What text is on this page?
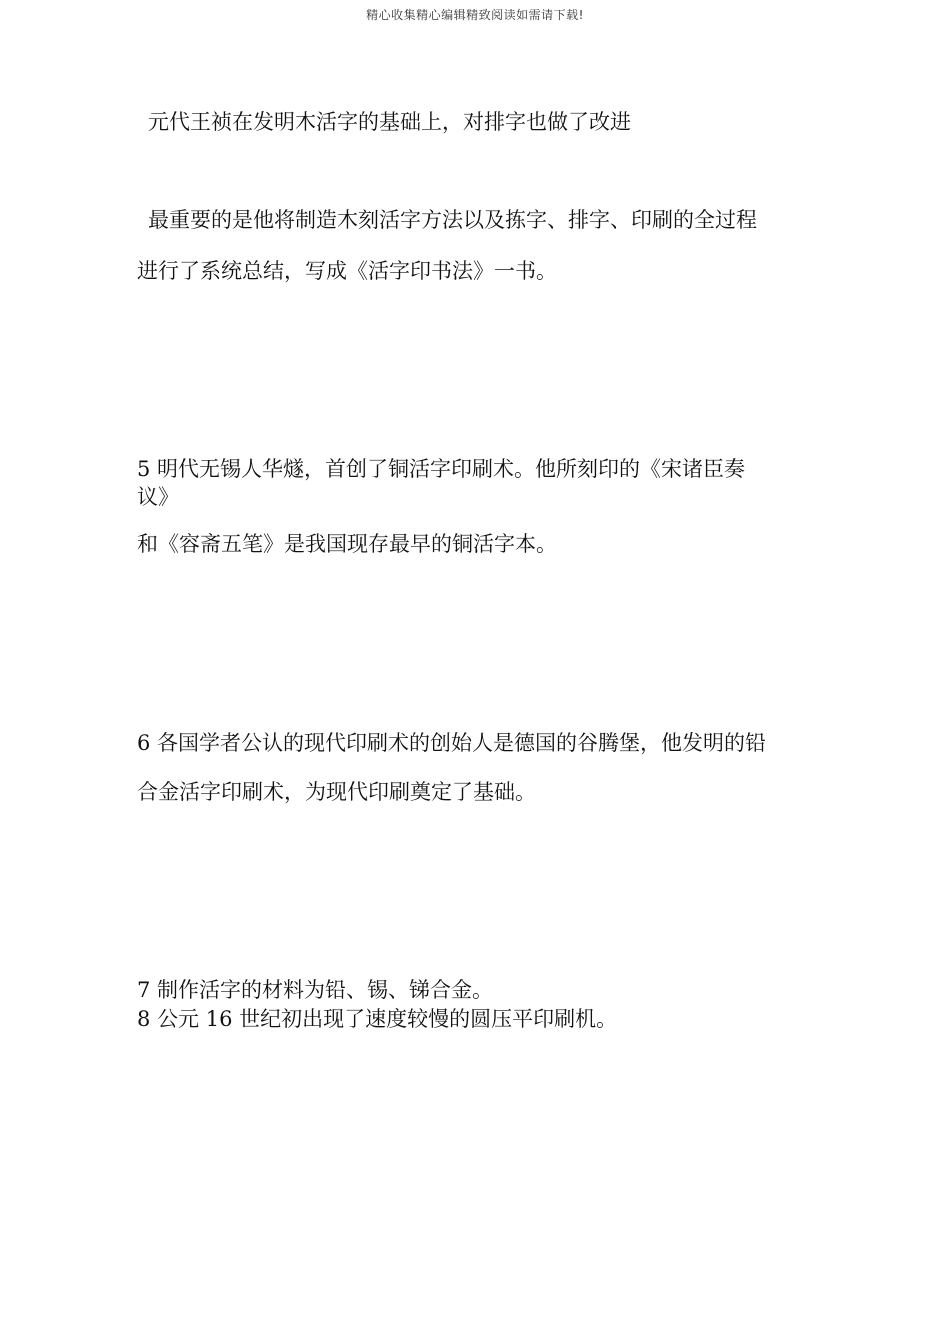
精心收集精心编辑精致阅读如需请下载!
元代王祯在发明木活字的基础上，对排字也做了改进
最重要的是他将制造木刻活字方法以及拣字、排字、印刷的全过程
进行了系统总结，写成《活字印书法》一书。
5 明代无锡人华燧，首创了铜活字印刷术。他所刻印的《宋诸臣奏
议》
和《容斋五笔》是我国现存最早的铜活字本。
6 各国学者公认的现代印刷术的创始人是德国的谷腾堡，他发明的铅
合金活字印刷术，为现代印刷奠定了基础。
7 制作活字的材料为铅、锡、锑合金。
8 公元 16 世纪初出现了速度较慢的圆压平印刷机。
